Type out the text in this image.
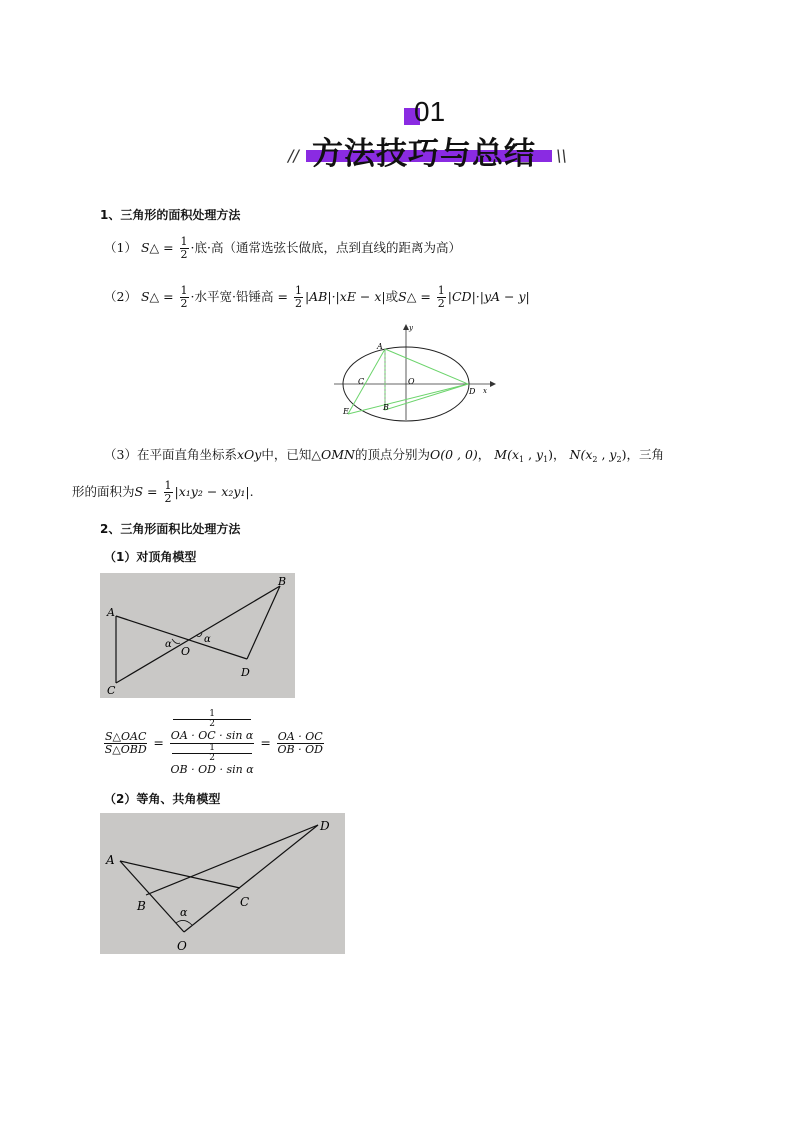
01
// 方法技巧与总结 \\
1、三角形的面积处理方法
（1） S△ = $\frac{1}{2}$ ·底·高（通常选弦长做底，点到直线的距离为高）
（2） S△ = $\frac{1}{2}$ ·水平宽·铅锤高 = $\frac{1}{2} |AB|\cdot|xE - x|$或S△ = $\frac{1}{2} |CD|\cdot|yA - y|$
A
C	O
D
E	B
x
y
（3）在平面直角坐标系xOy中，已知△OMN的顶点分别为O(0 , 0)， $M(x_1$ , $y_1$)， $N(x_2$ , $y_2$)，三角
形的面积为$S = \frac{1}{2} |x_1y_2 - x_2y_1|$.
2、三角形面积比处理方法
（1）对顶角模型
A
B
C
D
O
α	α
$\frac{\text{S△OAC}}{\text{S△OBD}} = 1$
2
OA · OC · sin α
1
2
OB · OD · $\sin \alpha = \frac{OA \cdot OC}{OB \cdot OD}$
（2）等角、共角模型
A
B	C
D
O
α
